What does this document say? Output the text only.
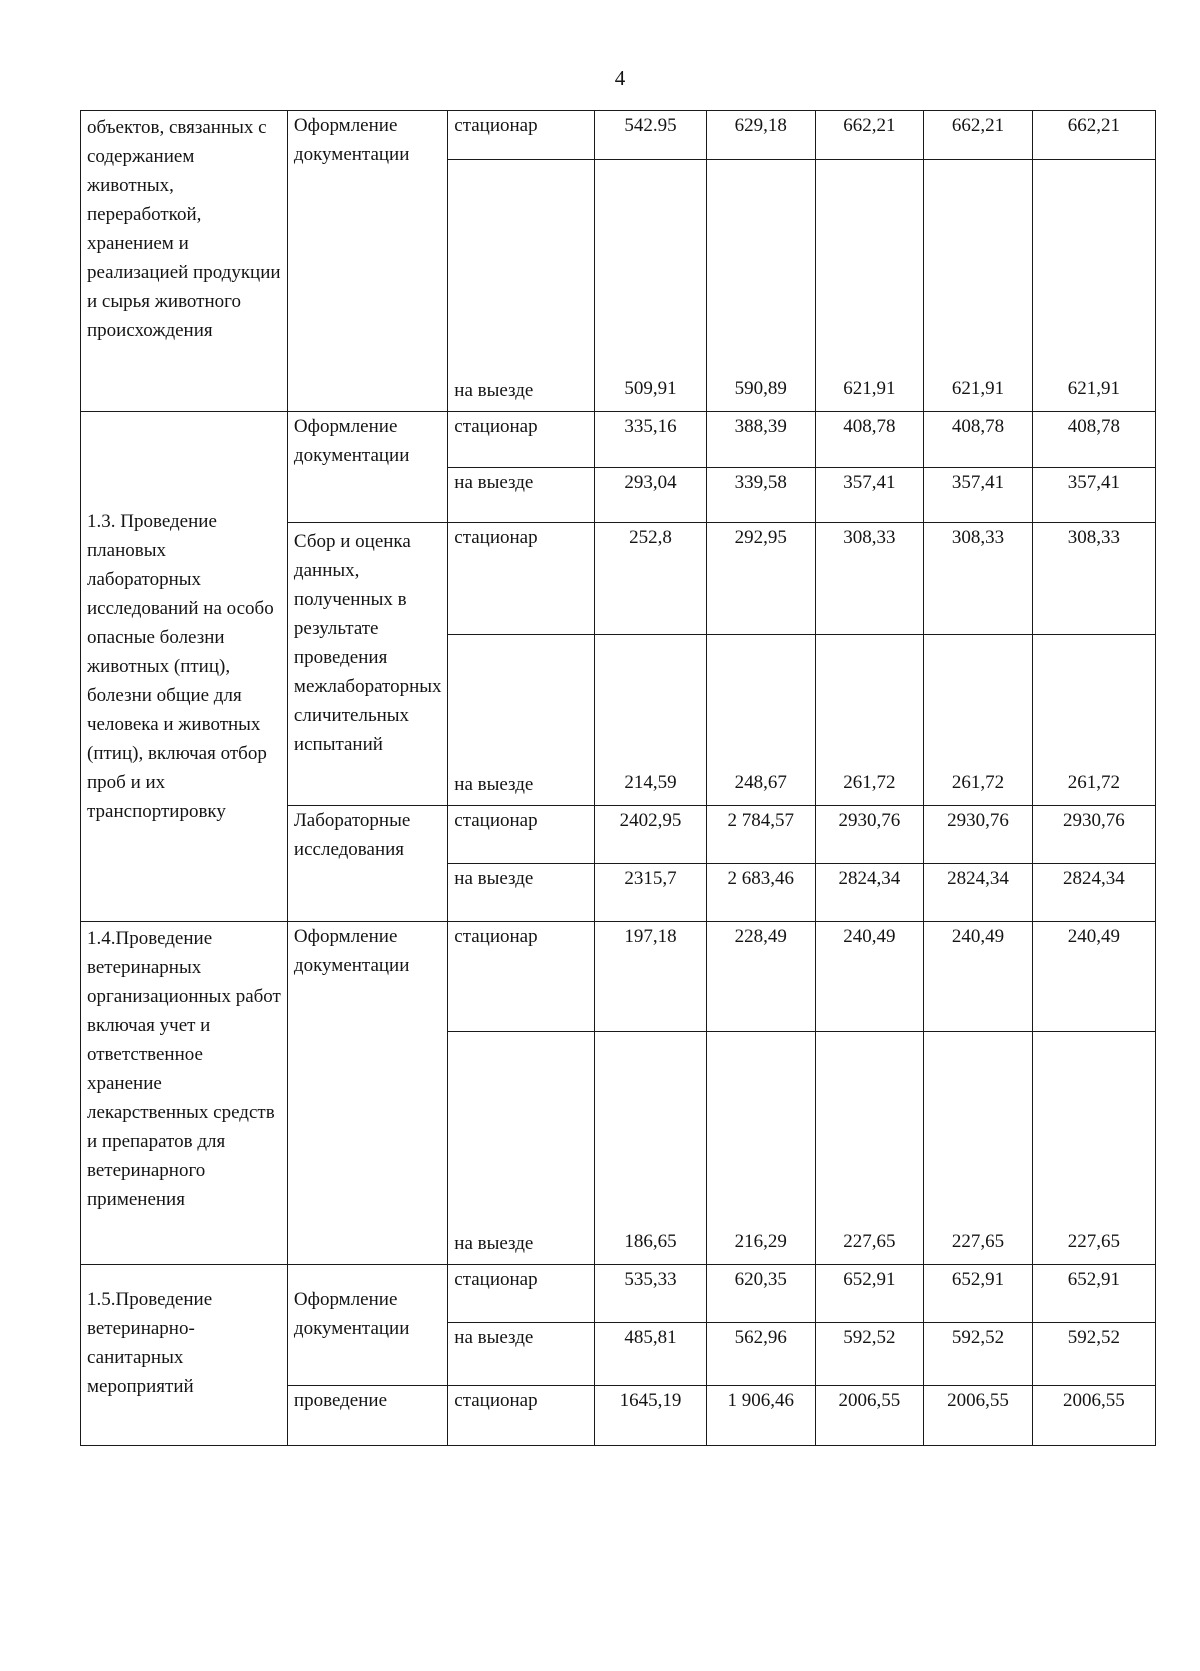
4
объектов, связанных с содержанием животных, переработкой, хранением и реализацией продукции и сырья животного происхождения	Оформление документации	стационар	542.95	629,18	662,21	662,21	662,21
		на выезде	509,91	590,89	621,91	621,91	621,91
1.3. Проведение плановых лабораторных исследований на особо опасные болезни животных (птиц), болезни общие для человека и животных (птиц), включая отбор проб и их транспортировку	Оформление документации	стационар	335,16	388,39	408,78	408,78	408,78
		на выезде	293,04	339,58	357,41	357,41	357,41
	Сбор и оценка данных, полученных в результате проведения межлабораторных сличительных испытаний	стационар	252,8	292,95	308,33	308,33	308,33
		на выезде	214,59	248,67	261,72	261,72	261,72
	Лабораторные исследования	стационар	2402,95	2 784,57	2930,76	2930,76	2930,76
		на выезде	2315,7	2 683,46	2824,34	2824,34	2824,34
1.4.Проведение ветеринарных организационных работ включая учет и ответственное хранение лекарственных средств и препаратов для ветеринарного применения	Оформление документации	стационар	197,18	228,49	240,49	240,49	240,49
		на выезде	186,65	216,29	227,65	227,65	227,65
1.5.Проведение ветеринарно-санитарных мероприятий	Оформление документации	стационар	535,33	620,35	652,91	652,91	652,91
		на выезде	485,81	562,96	592,52	592,52	592,52
	проведение	стационар	1645,19	1 906,46	2006,55	2006,55	2006,55
